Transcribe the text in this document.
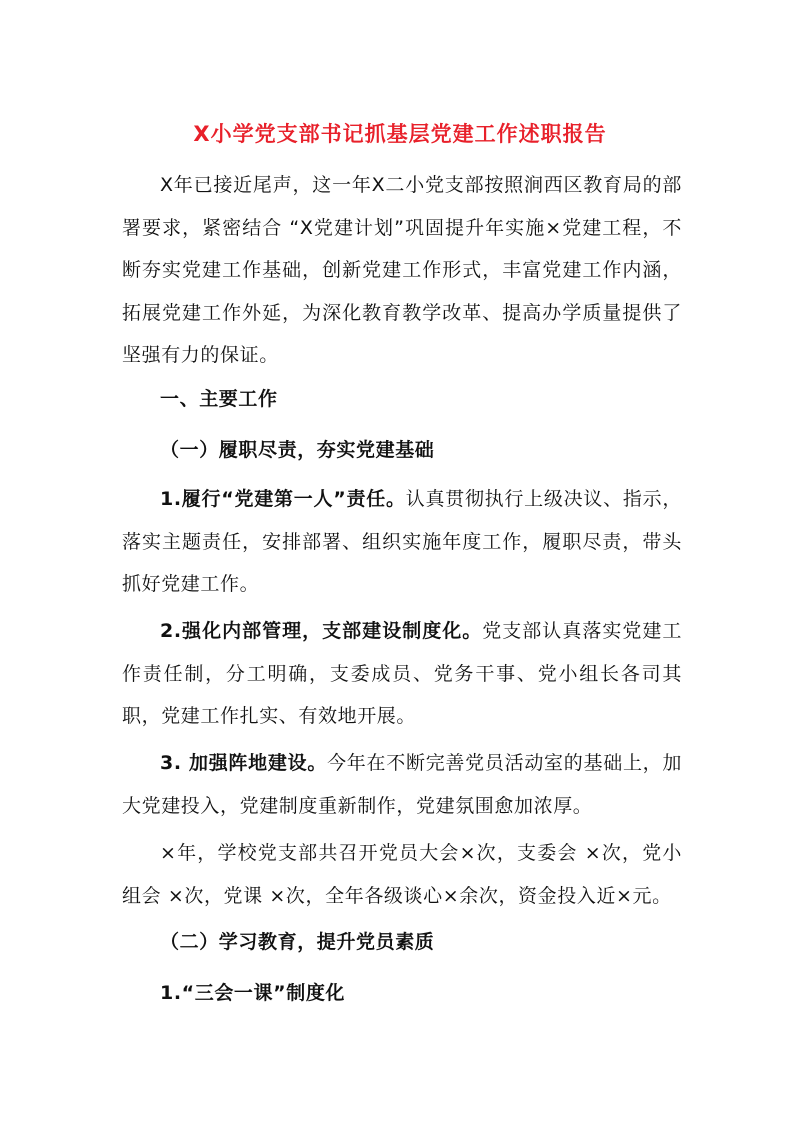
X小学党支部书记抓基层党建工作述职报告
X年已接近尾声，这一年X二小党支部按照涧西区教育局的部署要求，紧密结合 “X党建计划”巩固提升年实施×党建工程，不断夯实党建工作基础，创新党建工作形式，丰富党建工作内涵，拓展党建工作外延，为深化教育教学改革、提高办学质量提供了坚强有力的保证。
一、主要工作
（一）履职尽责，夯实党建基础
1.履行“党建第一人”责任。认真贯彻执行上级决议、指示，落实主题责任，安排部署、组织实施年度工作，履职尽责，带头抓好党建工作。
2.强化内部管理，支部建设制度化。党支部认真落实党建工作责任制，分工明确，支委成员、党务干事、党小组长各司其职，党建工作扎实、有效地开展。
3. 加强阵地建设。今年在不断完善党员活动室的基础上，加大党建投入，党建制度重新制作，党建氛围愈加浓厚。
×年，学校党支部共召开党员大会×次，支委会 ×次，党小组会 ×次，党课 ×次，全年各级谈心×余次，资金投入近×元。
（二）学习教育，提升党员素质
1.“三会一课”制度化
